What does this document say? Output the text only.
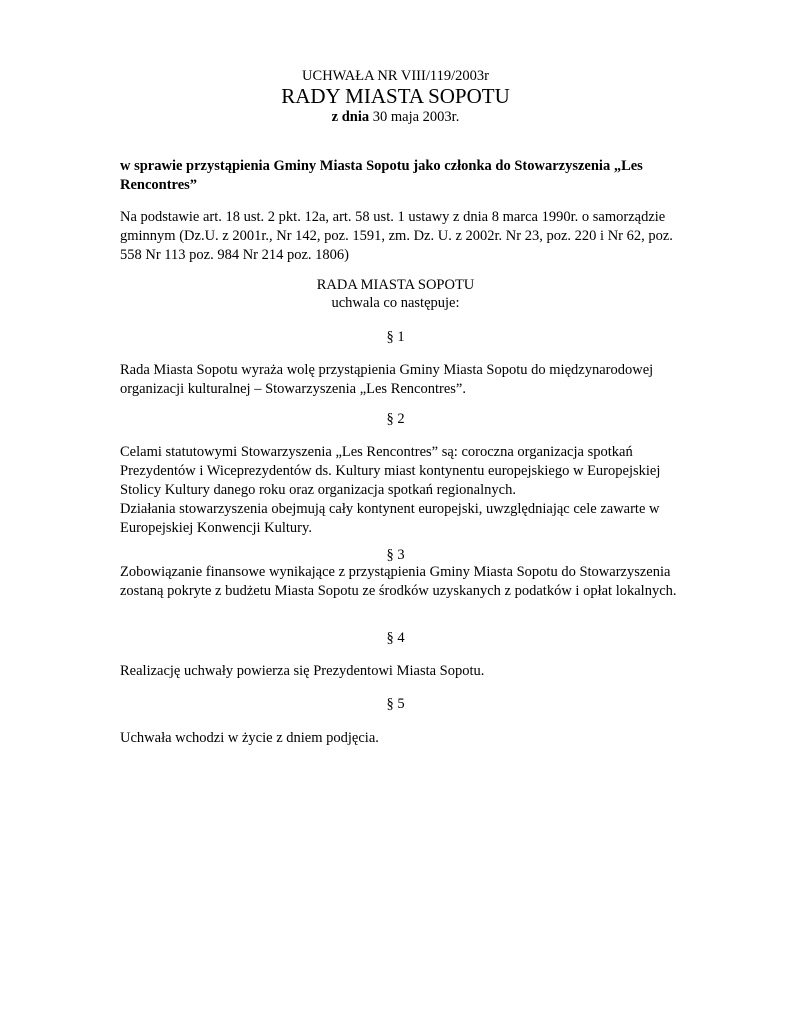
UCHWAŁA NR VIII/119/2003r
RADY MIASTA SOPOTU
z dnia 30 maja 2003r.
w sprawie przystąpienia Gminy Miasta Sopotu jako członka do Stowarzyszenia „Les Rencontres”
Na podstawie art. 18 ust. 2 pkt. 12a, art. 58 ust. 1 ustawy z dnia 8 marca 1990r. o samorządzie gminnym (Dz.U. z 2001r., Nr 142, poz. 1591, zm. Dz. U. z 2002r. Nr 23, poz. 220 i Nr 62, poz. 558 Nr 113 poz. 984 Nr 214 poz. 1806)
RADA MIASTA SOPOTU
uchwala co następuje:
§ 1
Rada Miasta Sopotu wyraża wolę przystąpienia Gminy Miasta Sopotu do międzynarodowej organizacji kulturalnej – Stowarzyszenia „Les Rencontres”.
§ 2
Celami statutowymi Stowarzyszenia „Les Rencontres” są: coroczna organizacja spotkań Prezydentów i Wiceprezydentów ds. Kultury miast kontynentu europejskiego w Europejskiej Stolicy Kultury danego roku oraz organizacja spotkań regionalnych.
Działania stowarzyszenia obejmują cały kontynent europejski, uwzględniając cele zawarte w Europejskiej Konwencji Kultury.
§ 3
Zobowiązanie finansowe wynikające z przystąpienia Gminy Miasta Sopotu do Stowarzyszenia zostaną pokryte z budżetu Miasta Sopotu ze środków uzyskanych z podatków i opłat lokalnych.
§ 4
Realizację uchwały powierza się Prezydentowi Miasta Sopotu.
§ 5
Uchwała wchodzi w życie z dniem podjęcia.
